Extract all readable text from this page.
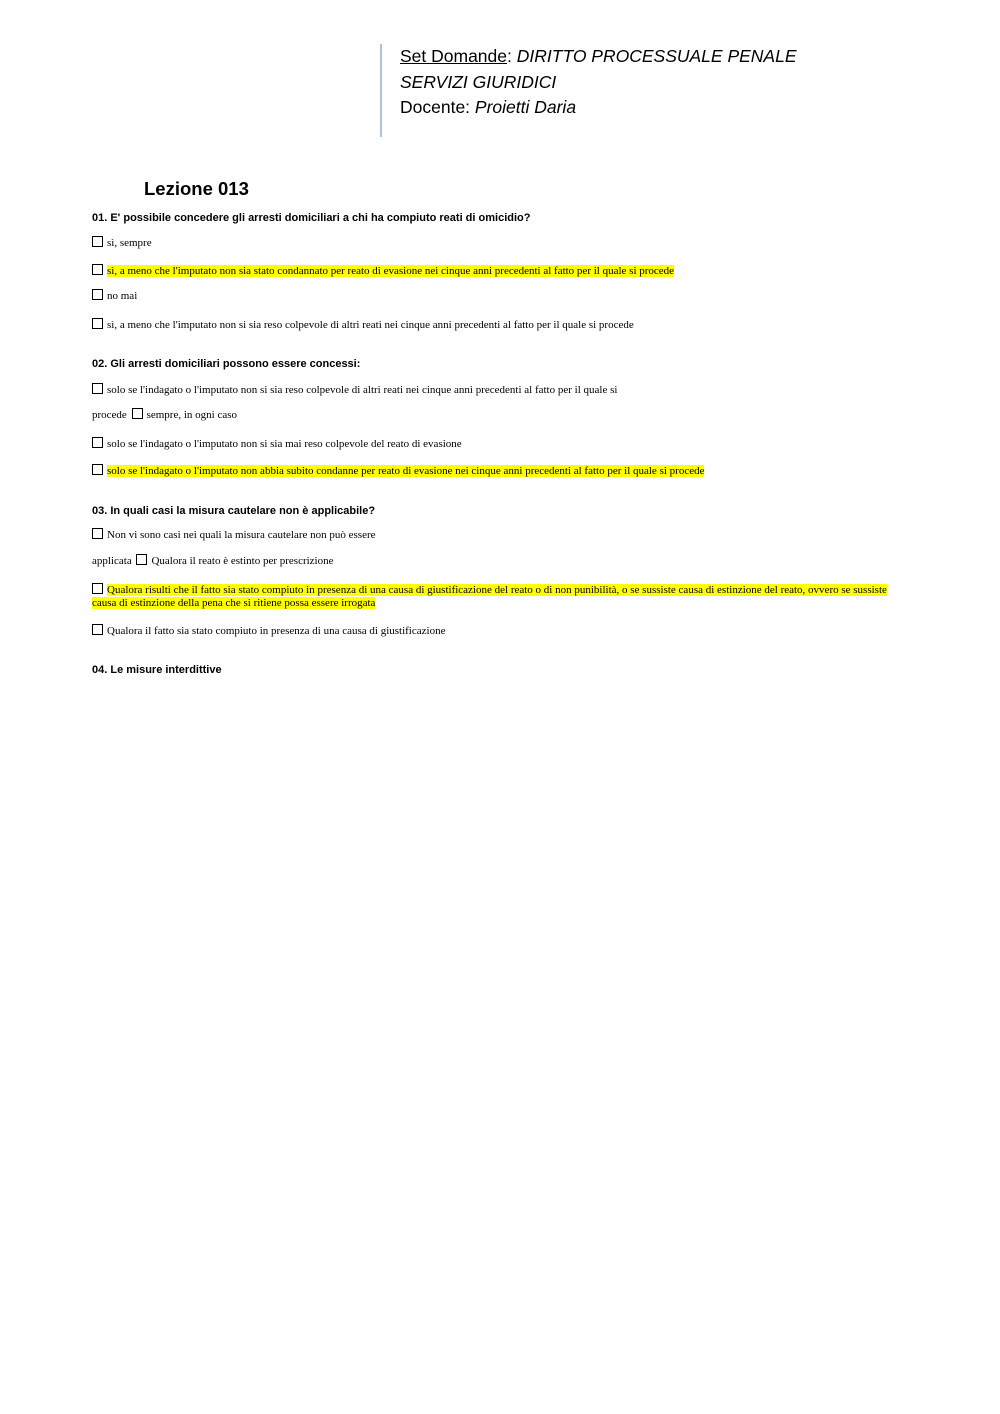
Set Domande: DIRITTO PROCESSUALE PENALE
SERVIZI GIURIDICI
Docente: Proietti Daria
Lezione 013
01. E' possibile concedere gli arresti domiciliari a chi ha compiuto reati di omicidio?
sì, sempre
sì, a meno che l'imputato non sia stato condannato per reato di evasione nei cinque anni precedenti al fatto per il quale si procede
no mai
sì, a meno che l'imputato non si sia reso colpevole di altri reati nei cinque anni precedenti al fatto per il quale si procede
02. Gli arresti domiciliari possono essere concessi:
solo se l'indagato o l'imputato non si sia reso colpevole di altri reati nei cinque anni precedenti al fatto per il quale si
procede sempre, in ogni caso
solo se l'indagato o l'imputato non si sia mai reso colpevole del reato di evasione
solo se l'indagato o l'imputato non abbia subito condanne per reato di evasione nei cinque anni precedenti al fatto per il quale si procede
03. In quali casi la misura cautelare non è applicabile?
Non vi sono casi nei quali la misura cautelare non può essere
applicata Qualora il reato è estinto per prescrizione
Qualora risulti che il fatto sia stato compiuto in presenza di una causa di giustificazione del reato o di non punibilità, o se sussiste causa di estinzione del reato, ovvero se sussiste causa di estinzione della pena che si ritiene possa essere irrogata
Qualora il fatto sia stato compiuto in presenza di una causa di giustificazione
04. Le misure interdittive
